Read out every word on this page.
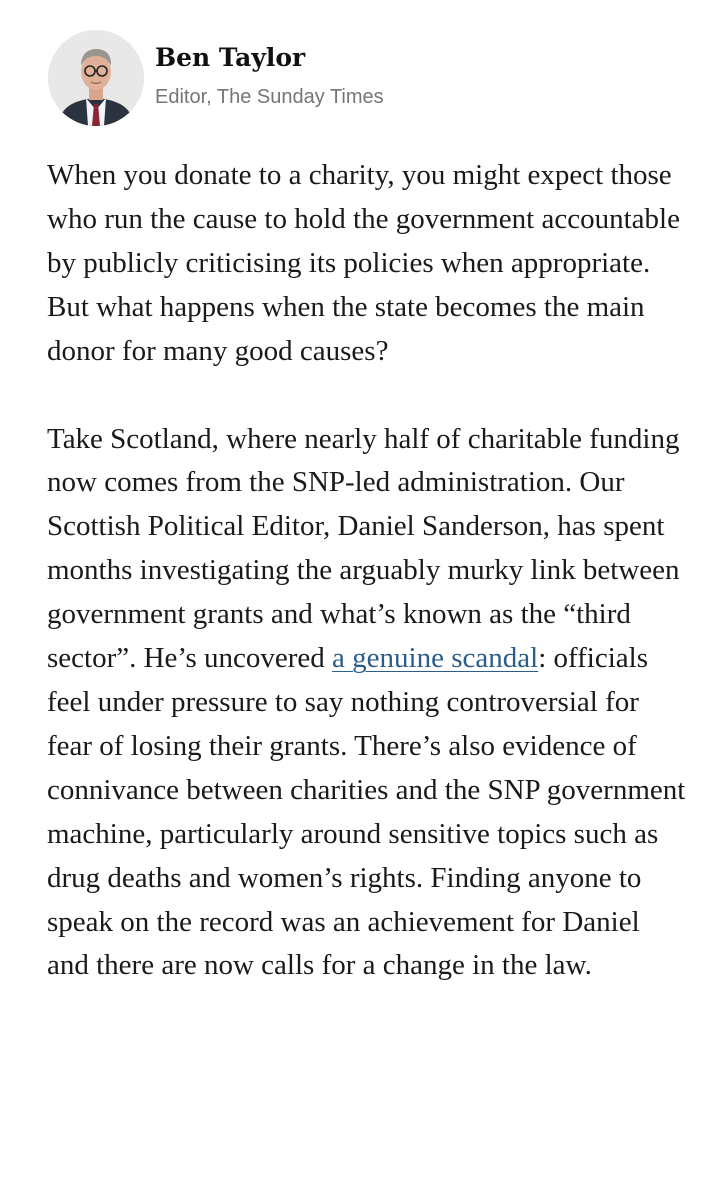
Ben Taylor
Editor, The Sunday Times

When you donate to a charity, you might expect those who run the cause to hold the government accountable by publicly criticising its policies when appropriate. But what happens when the state becomes the main donor for many good causes?

Take Scotland, where nearly half of charitable funding now comes from the SNP-led administration. Our Scottish Political Editor, Daniel Sanderson, has spent months investigating the arguably murky link between government grants and what’s known as the “third sector”. He’s uncovered a genuine scandal: officials feel under pressure to say nothing controversial for fear of losing their grants. There’s also evidence of connivance between charities and the SNP government machine, particularly around sensitive topics such as drug deaths and women’s rights. Finding anyone to speak on the record was an achievement for Daniel and there are now calls for a change in the law.
